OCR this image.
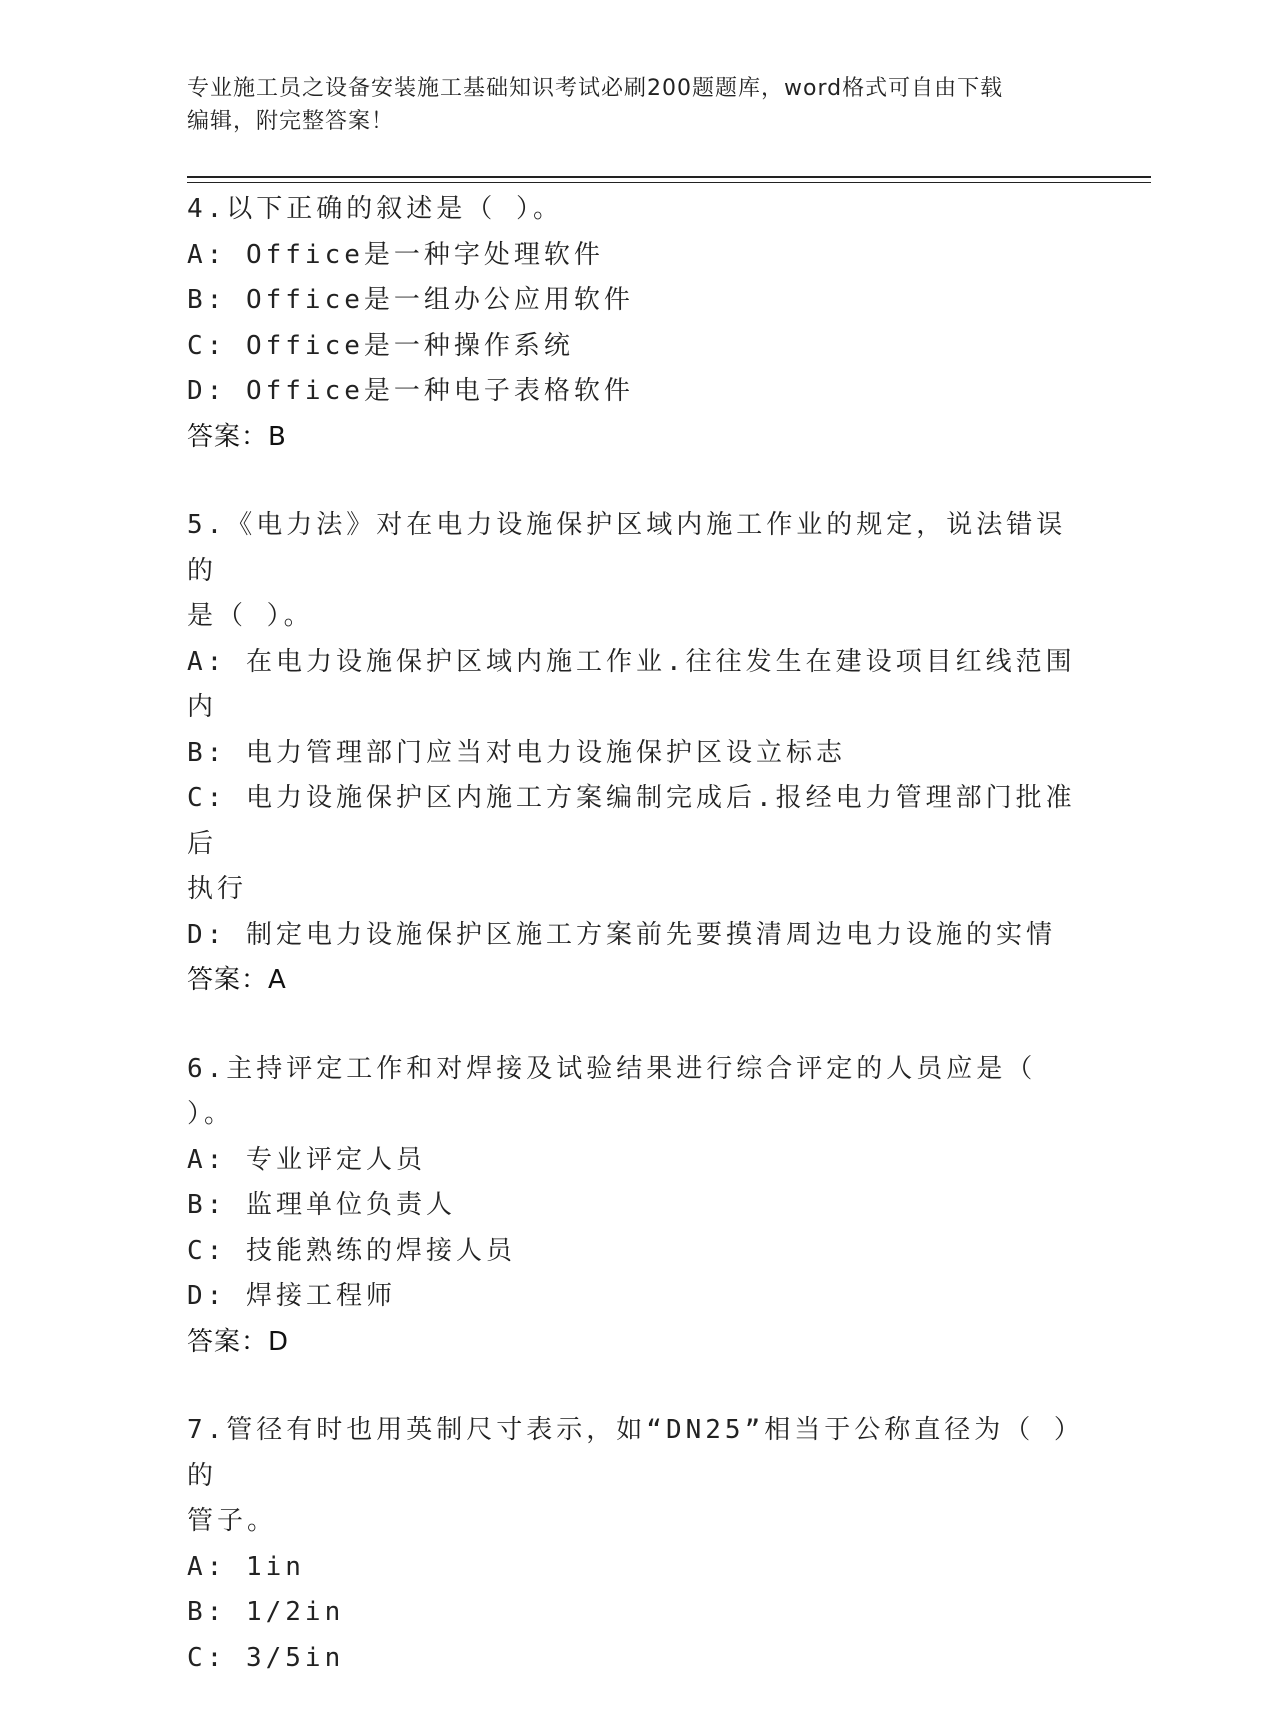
专业施工员之设备安装施工基础知识考试必刷200题题库，word格式可自由下载
编辑，附完整答案！
4.以下正确的叙述是（ ）。
A: Office是一种字处理软件
B: Office是一组办公应用软件
C: Office是一种操作系统
D: Office是一种电子表格软件
答案：B
5.《电力法》对在电力设施保护区域内施工作业的规定，说法错误的
是（ ）。
A: 在电力设施保护区域内施工作业.往往发生在建设项目红线范围内
B: 电力管理部门应当对电力设施保护区设立标志
C: 电力设施保护区内施工方案编制完成后.报经电力管理部门批准后
执行
D: 制定电力设施保护区施工方案前先要摸清周边电力设施的实情
答案：A
6.主持评定工作和对焊接及试验结果进行综合评定的人员应是（ ）。
A: 专业评定人员
B: 监理单位负责人
C: 技能熟练的焊接人员
D: 焊接工程师
答案：D
7.管径有时也用英制尺寸表示，如“DN25”相当于公称直径为（ ）的
管子。
A: 1in
B: 1/2in
C: 3/5in
